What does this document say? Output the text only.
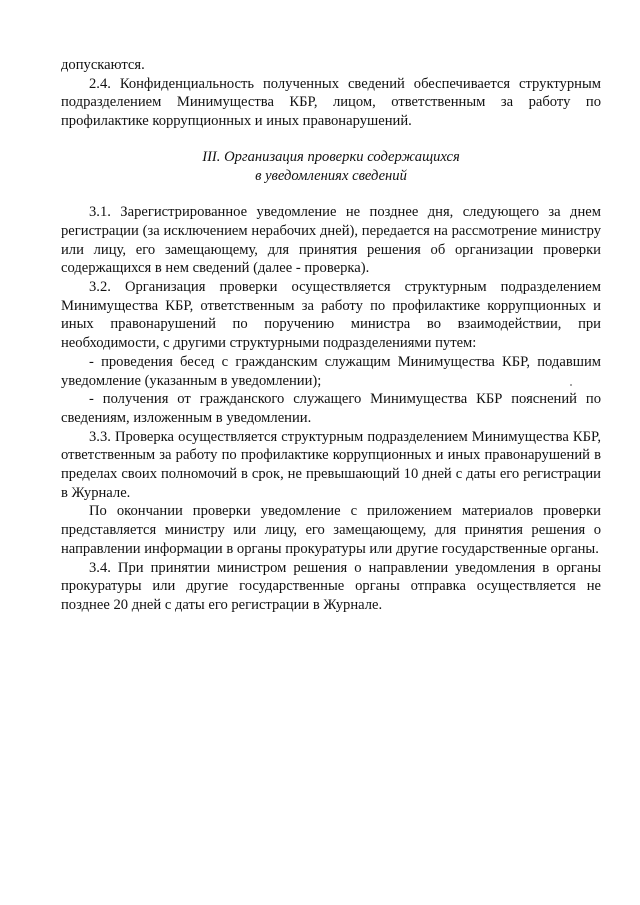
допускаются.

2.4. Конфиденциальность полученных сведений обеспечивается структурным подразделением Минимущества КБР, лицом, ответственным за работу по профилактике коррупционных и иных правонарушений.

III. Организация проверки содержащихся
в уведомлениях сведений

3.1. Зарегистрированное уведомление не позднее дня, следующего за днем регистрации (за исключением нерабочих дней), передается на рассмотрение министру или лицу, его замещающему, для принятия решения об организации проверки содержащихся в нем сведений (далее - проверка).

3.2. Организация проверки осуществляется структурным подразделением Минимущества КБР, ответственным за работу по профилактике коррупционных и иных правонарушений по поручению министра во взаимодействии, при необходимости, с другими структурными подразделениями путем:

- проведения бесед с гражданским служащим Минимущества КБР, подавшим уведомление (указанным в уведомлении);

- получения от гражданского служащего Минимущества КБР пояснений по сведениям, изложенным в уведомлении.

3.3. Проверка осуществляется структурным подразделением Минимущества КБР, ответственным за работу по профилактике коррупционных и иных правонарушений в пределах своих полномочий в срок, не превышающий 10 дней с даты его регистрации в Журнале.

По окончании проверки уведомление с приложением материалов проверки представляется министру или лицу, его замещающему, для принятия решения о направлении информации в органы прокуратуры или другие государственные органы.

3.4. При принятии министром решения о направлении уведомления в органы прокуратуры или другие государственные органы отправка осуществляется не позднее 20 дней с даты его регистрации в Журнале.
